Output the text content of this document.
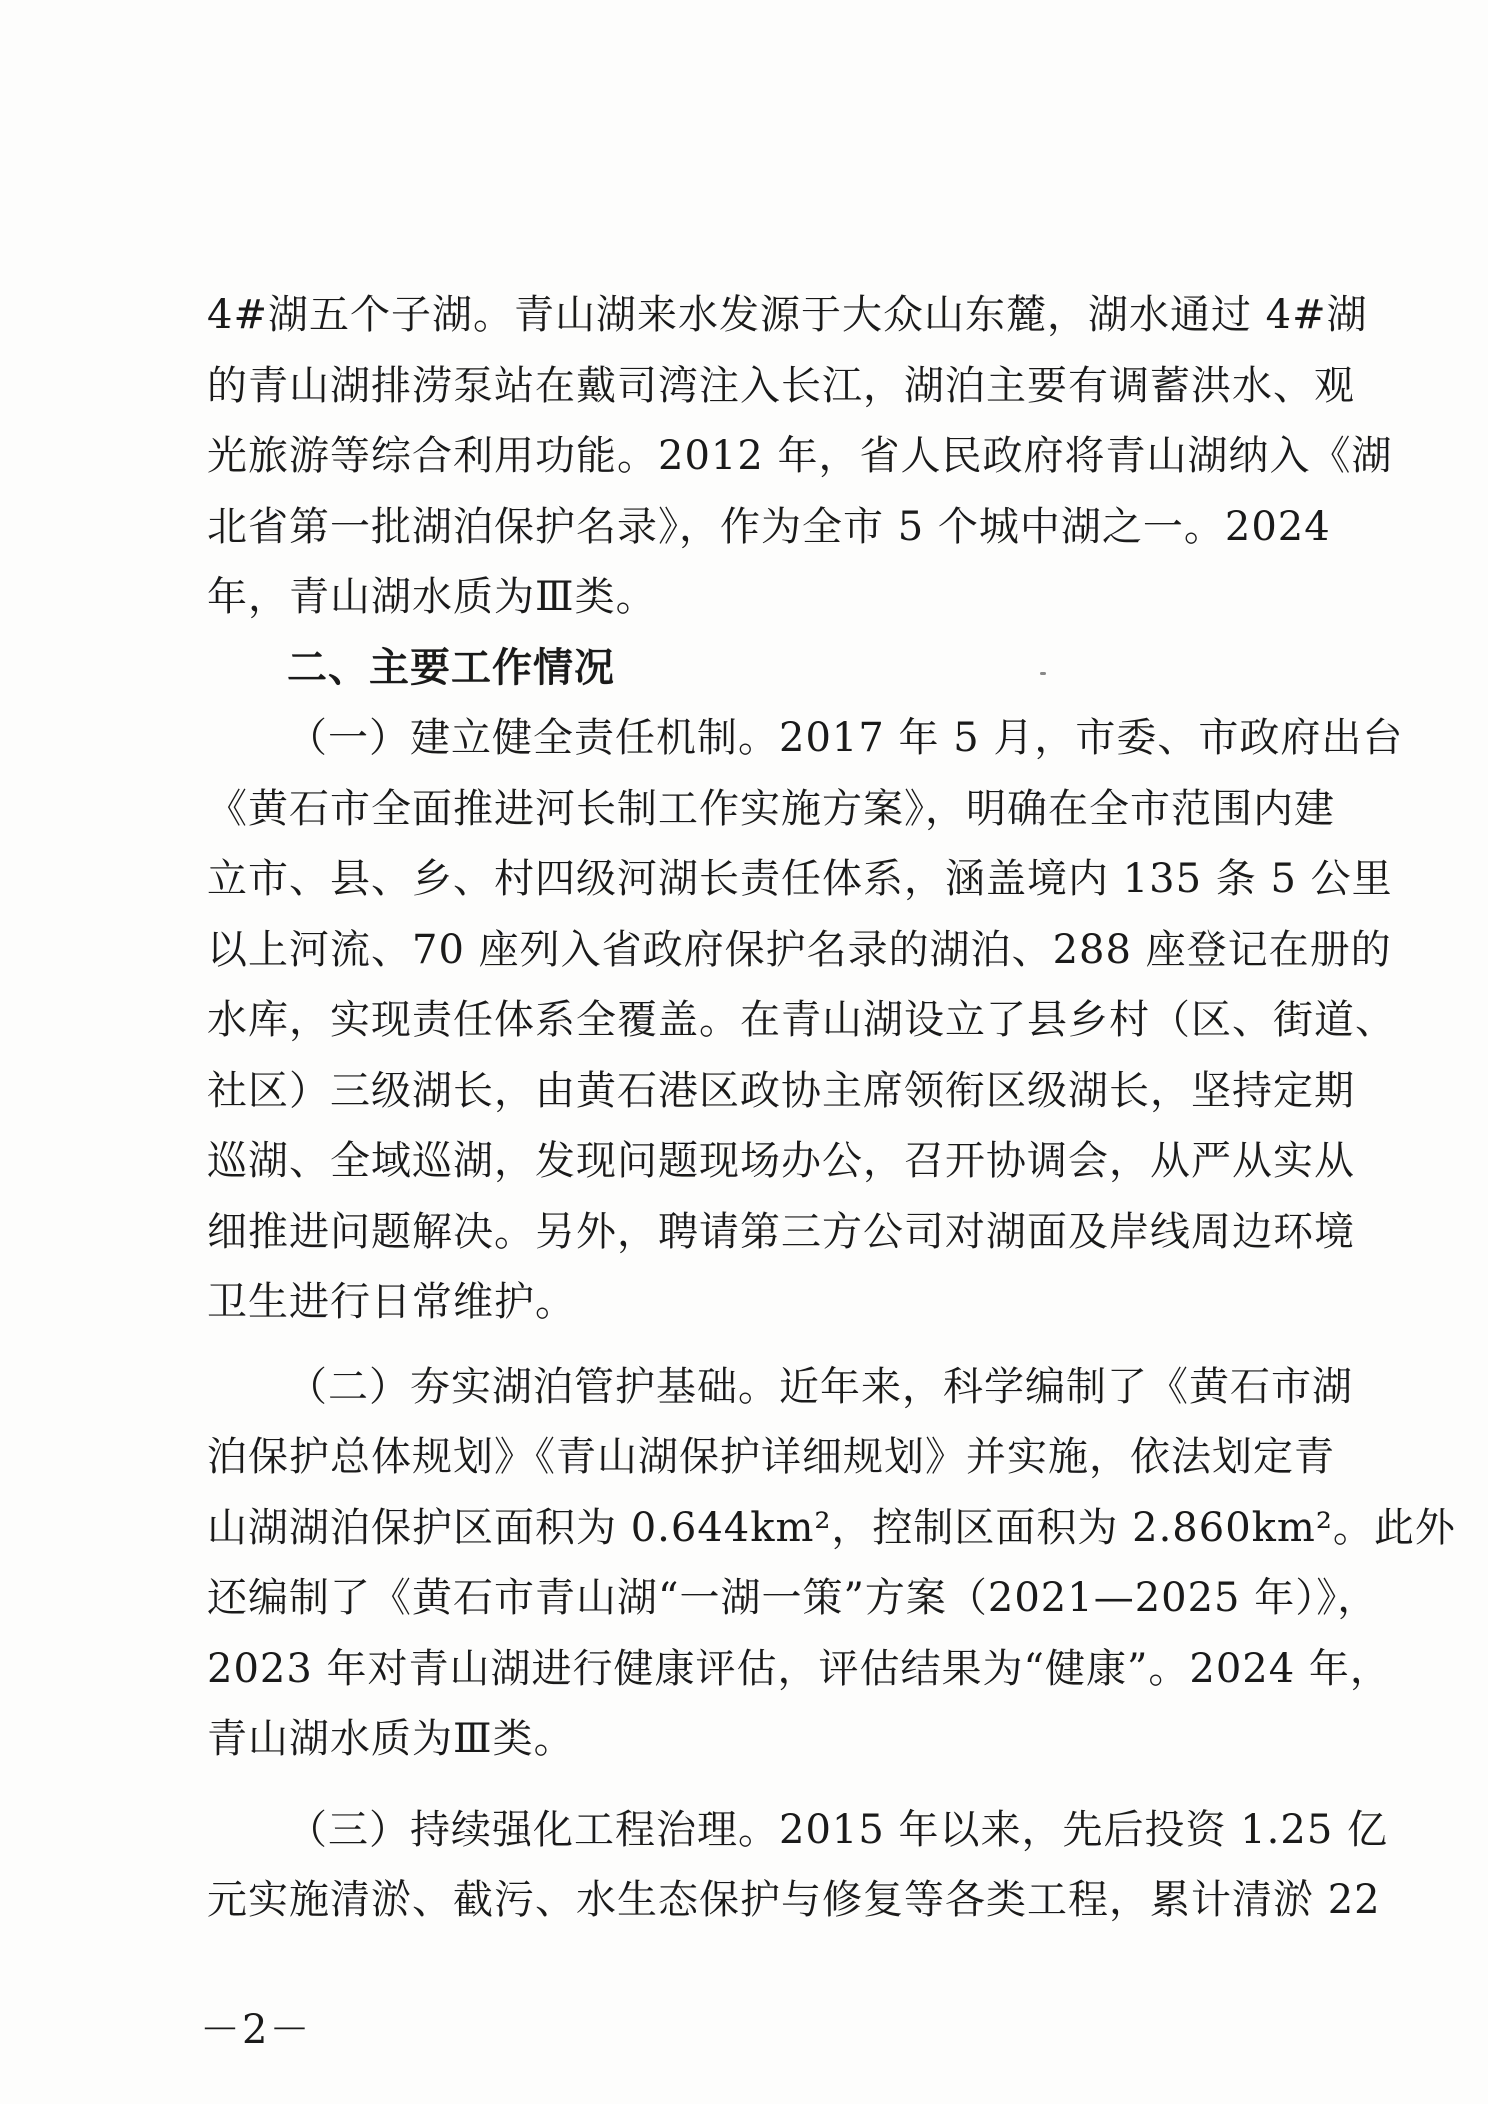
4#湖五个子湖。青山湖来水发源于大众山东麓，湖水通过 4#湖
的青山湖排涝泵站在戴司湾注入长江，湖泊主要有调蓄洪水、观
光旅游等综合利用功能。2012 年，省人民政府将青山湖纳入《湖
北省第一批湖泊保护名录》，作为全市 5 个城中湖之一。2024
年，青山湖水质为Ⅲ类。
二、主要工作情况
（一）建立健全责任机制。2017 年 5 月，市委、市政府出台
《黄石市全面推进河长制工作实施方案》，明确在全市范围内建
立市、县、乡、村四级河湖长责任体系，涵盖境内 135 条 5 公里
以上河流、70 座列入省政府保护名录的湖泊、288 座登记在册的
水库，实现责任体系全覆盖。在青山湖设立了县乡村（区、街道、
社区）三级湖长，由黄石港区政协主席领衔区级湖长，坚持定期
巡湖、全域巡湖，发现问题现场办公，召开协调会，从严从实从
细推进问题解决。另外，聘请第三方公司对湖面及岸线周边环境
卫生进行日常维护。
（二）夯实湖泊管护基础。近年来，科学编制了《黄石市湖
泊保护总体规划》《青山湖保护详细规划》并实施，依法划定青
山湖湖泊保护区面积为 0.644km²，控制区面积为 2.860km²。此外
还编制了《黄石市青山湖“一湖一策”方案（2021—2025 年）》，
2023 年对青山湖进行健康评估，评估结果为“健康”。2024 年，
青山湖水质为Ⅲ类。
（三）持续强化工程治理。2015 年以来，先后投资 1.25 亿
元实施清淤、截污、水生态保护与修复等各类工程，累计清淤 22
－2－
